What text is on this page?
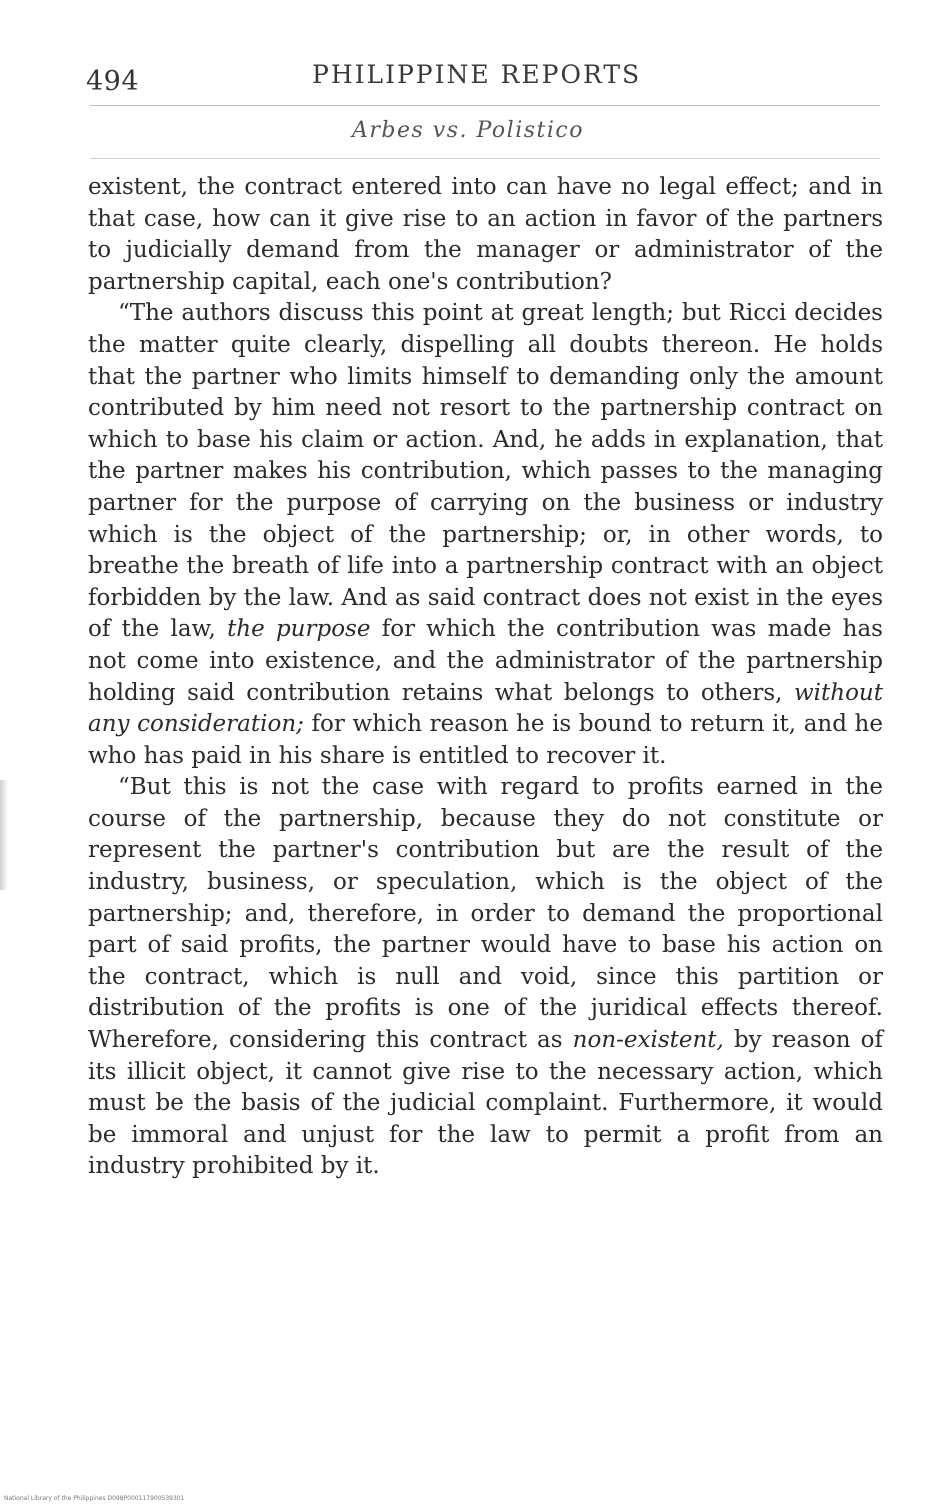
494	PHILIPPINE REPORTS
Arbes vs. Polistico

existent, the contract entered into can have no legal effect; and in that case, how can it give rise to an action in favor of the partners to judicially demand from the manager or administrator of the partnership capital, each one's contribution?

“The authors discuss this point at great length; but Ricci decides the matter quite clearly, dispelling all doubts thereon. He holds that the partner who limits himself to demanding only the amount contributed by him need not resort to the partnership contract on which to base his claim or action. And, he adds in explanation, that the partner makes his contribution, which passes to the managing partner for the purpose of carrying on the business or industry which is the object of the partnership; or, in other words, to breathe the breath of life into a partnership contract with an object forbidden by the law. And as said contract does not exist in the eyes of the law, the purpose for which the contribution was made has not come into existence, and the administrator of the partnership holding said contribution retains what belongs to others, without any consideration; for which reason he is bound to return it, and he who has paid in his share is entitled to recover it.

“But this is not the case with regard to profits earned in the course of the partnership, because they do not constitute or represent the partner's contribution but are the result of the industry, business, or speculation, which is the object of the partnership; and, therefore, in order to demand the proportional part of said profits, the partner would have to base his action on the contract, which is null and void, since this partition or distribution of the profits is one of the juridical effects thereof. Wherefore, considering this contract as non-existent, by reason of its illicit object, it cannot give rise to the necessary action, which must be the basis of the judicial complaint. Furthermore, it would be immoral and unjust for the law to permit a profit from an industry prohibited by it.

National Library of the Philippines D098P000117900539301
